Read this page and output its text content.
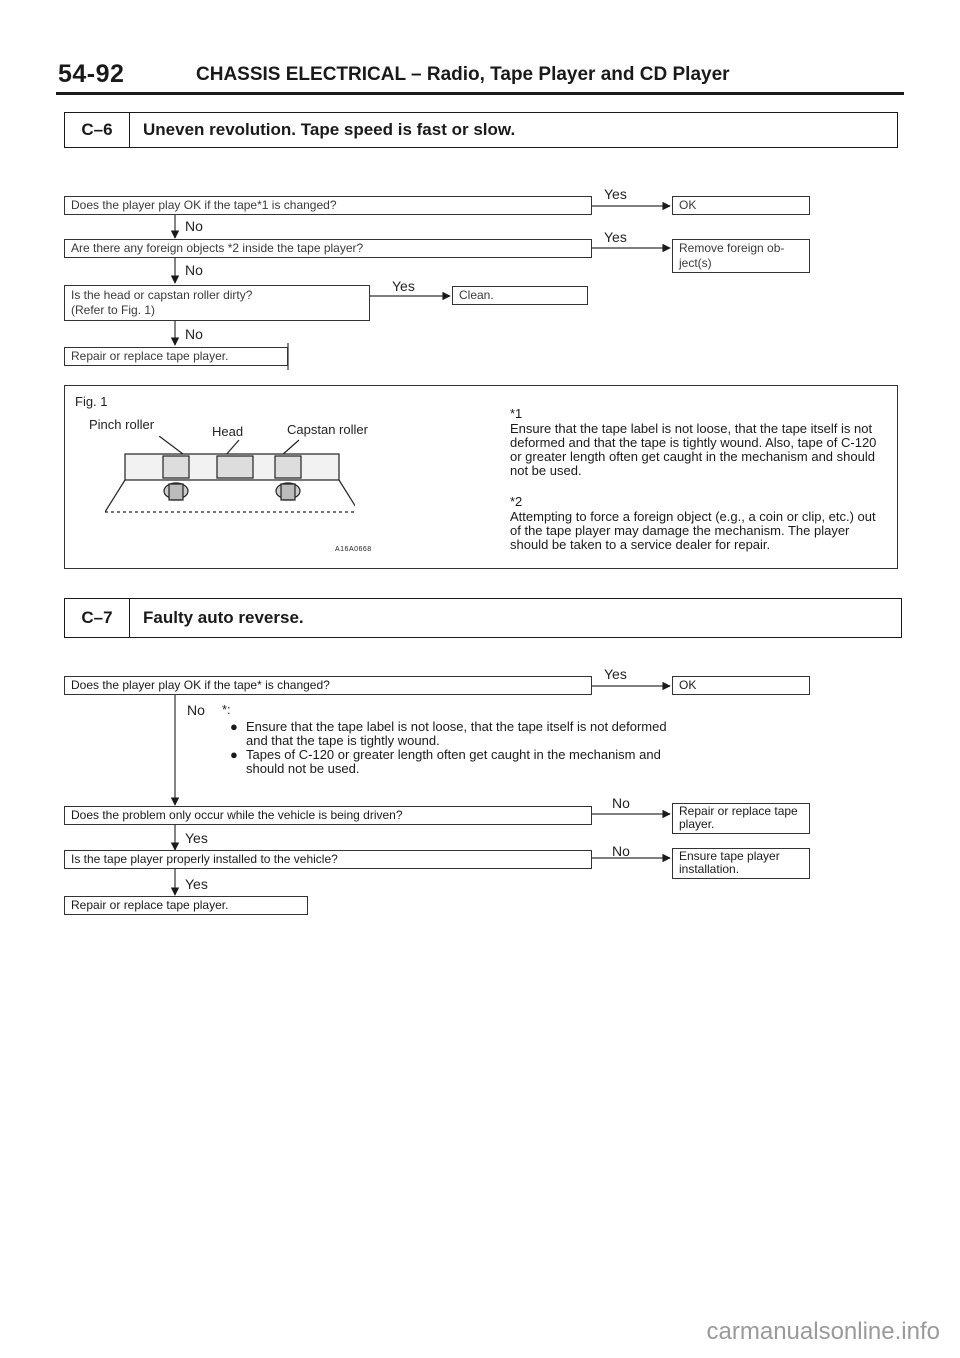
54-92	CHASSIS ELECTRICAL – Radio, Tape Player and CD Player
C–6	Uneven revolution. Tape speed is fast or slow.
Does the player play OK if the tape*1 is changed?
Yes
OK
No
Are there any foreign objects *2 inside the tape player?
Yes
Remove foreign ob- ject(s)
No
Is the head or capstan roller dirty?
(Refer to Fig. 1)
Yes
Clean.
No
Repair or replace tape player.
Fig. 1
Pinch roller	Head	Capstan roller
A16A0668
*1
Ensure that the tape label is not loose, that the tape itself is not deformed and that the tape is tightly wound. Also, tape of C-120 or greater length often get caught in the mechanism and should not be used.
*2
Attempting to force a foreign object (e.g., a coin or clip, etc.) out of the tape player may damage the mechanism. The player should be taken to a service dealer for repair.
C–7	Faulty auto reverse.
Does the player play OK if the tape* is changed?
Yes
OK
No *:
● Ensure that the tape label is not loose, that the tape itself is not deformed and that the tape is tightly wound.
● Tapes of C-120 or greater length often get caught in the mechanism and should not be used.
Does the problem only occur while the vehicle is being driven?
No	Repair or replace tape player.
Yes
Is the tape player properly installed to the vehicle?	No	Ensure tape player installation.
Yes
Repair or replace tape player.
carmanualsonline.info
